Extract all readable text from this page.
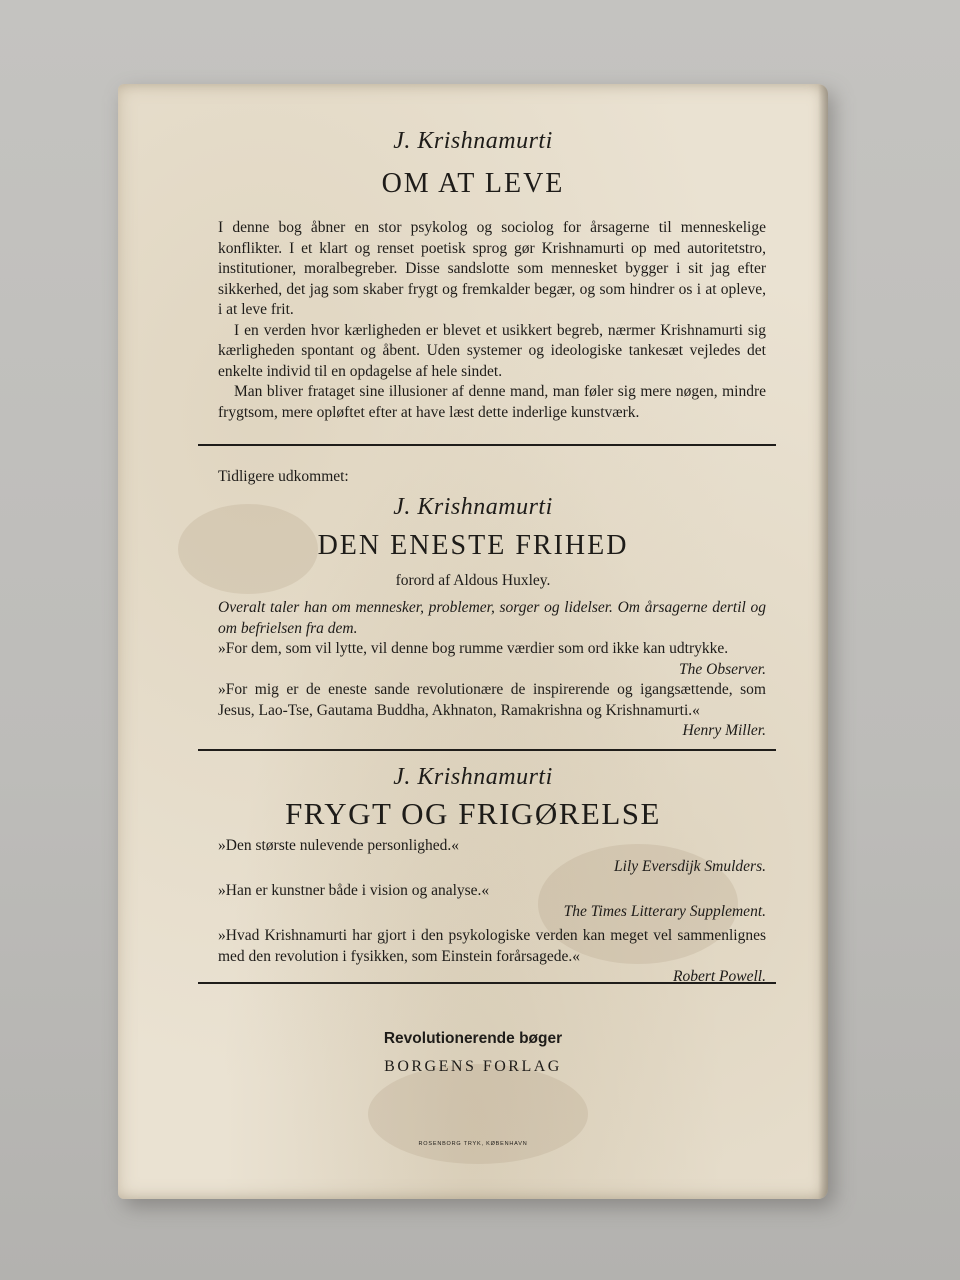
J. Krishnamurti
OM AT LEVE

I denne bog åbner en stor psykolog og sociolog for årsagerne til menneskelige konflikter. I et klart og renset poetisk sprog gør Krishnamurti op med autoritetstro, institutioner, moralbegreber. Disse sandslotte som mennesket bygger i sit jag efter sikkerhed, det jag som skaber frygt og fremkalder begær, og som hindrer os i at opleve, i at leve frit.

I en verden hvor kærligheden er blevet et usikkert begreb, nærmer Krishnamurti sig kærligheden spontant og åbent. Uden systemer og ideologiske tankesæt vejledes det enkelte individ til en opdagelse af hele sindet.

Man bliver frataget sine illusioner af denne mand, man føler sig mere nøgen, mindre frygtsom, mere opløftet efter at have læst dette inderlige kunstværk.

Tidligere udkommet:
J. Krishnamurti
DEN ENESTE FRIHED
forord af Aldous Huxley.

Overalt taler han om mennesker, problemer, sorger og lidelser. Om årsagerne dertil og om befrielsen fra dem.

»For dem, som vil lytte, vil denne bog rumme værdier som ord ikke kan udtrykke.

The Observer.

»For mig er de eneste sande revolutionære de inspirerende og igangsættende, som Jesus, Lao-Tse, Gautama Buddha, Akhnaton, Ramakrishna og Krishnamurti.«

Henry Miller.

J. Krishnamurti
FRYGT OG FRIGØRELSE

»Den største nulevende personlighed.«

Lily Eversdijk Smulders.

»Han er kunstner både i vision og analyse.«

The Times Litterary Supplement.

»Hvad Krishnamurti har gjort i den psykologiske verden kan meget vel sammenlignes med den revolution i fysikken, som Einstein forårsagede.«

Robert Powell.

Revolutionerende bøger
BORGENS FORLAG
ROSENBORG TRYK, KØBENHAVN
